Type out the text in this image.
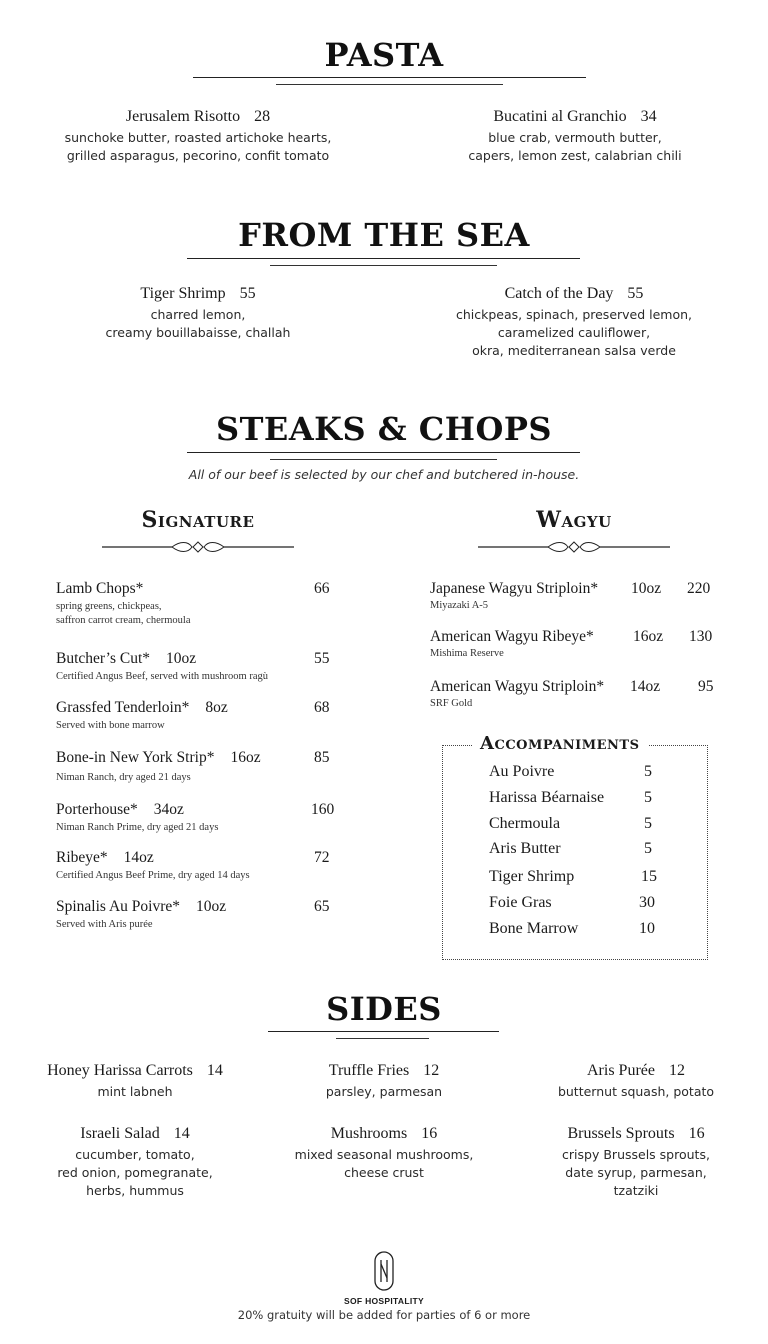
PASTA
Jerusalem Risotto 28
sunchoke butter, roasted artichoke hearts,
grilled asparagus, pecorino, confit tomato
Bucatini al Granchio 34
blue crab, vermouth butter,
capers, lemon zest, calabrian chili
FROM THE SEA
Tiger Shrimp 55
charred lemon,
creamy bouillabaisse, challah
Catch of the Day 55
chickpeas, spinach, preserved lemon,
caramelized cauliflower,
okra, mediterranean salsa verde
STEAKS & CHOPS
All of our beef is selected by our chef and butchered in-house.
Signature	Wagyu
Lamb Chops*	66
spring greens, chickpeas,
saffron carrot cream, chermoula
Butcher’s Cut* 10oz	55
Certified Angus Beef, served with mushroom ragù
Grassfed Tenderloin* 8oz	68
Served with bone marrow
Bone-in New York Strip* 16oz	85
Niman Ranch, dry aged 21 days
Porterhouse* 34oz	160
Niman Ranch Prime, dry aged 21 days
Ribeye* 14oz	72
Certified Angus Beef Prime, dry aged 14 days
Spinalis Au Poivre* 10oz	65
Served with Aris purée
Japanese Wagyu Striploin*	10oz 220
Miyazaki A-5
American Wagyu Ribeye*	16oz 130
Mishima Reserve
American Wagyu Striploin*	14oz 95
SRF Gold
Accompaniments
Au Poivre	5
Harissa Béarnaise 5
Chermoula	5
Aris Butter	5
Tiger Shrimp	15
Foie Gras	30
Bone Marrow	10
SIDES
Honey Harissa Carrots 14
mint labneh
Truffle Fries 12
parsley, parmesan
Aris Purée 12
butternut squash, potato
Israeli Salad 14
cucumber, tomato,
red onion, pomegranate,
herbs, hummus
Mushrooms 16
mixed seasonal mushrooms,
cheese crust
Brussels Sprouts 16
crispy Brussels sprouts,
date syrup, parmesan,
tzatziki
SOF HOSPITALITY
20% gratuity will be added for parties of 6 or more
